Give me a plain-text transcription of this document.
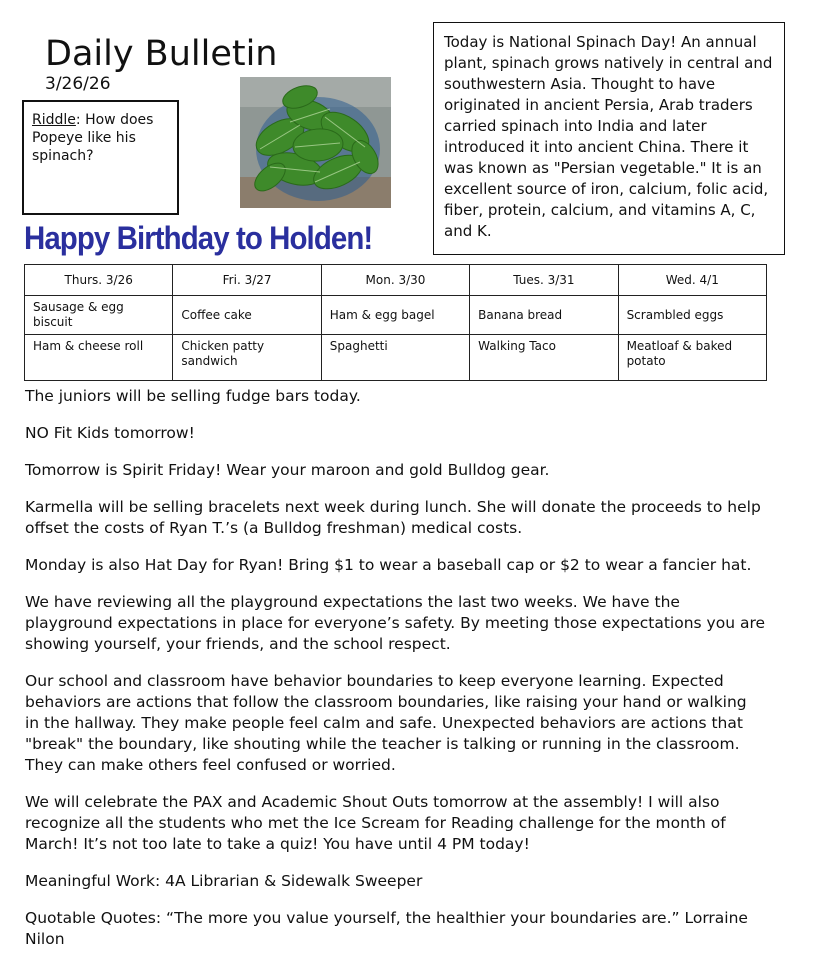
Daily Bulletin
3/26/26
Riddle: How does Popeye like his spinach?
Today is National Spinach Day! An annual plant, spinach grows natively in central and southwestern Asia. Thought to have originated in ancient Persia, Arab traders carried spinach into India and later introduced it into ancient China. There it was known as "Persian vegetable." It is an excellent source of iron, calcium, folic acid, fiber, protein, calcium, and vitamins A, C, and K.
Happy Birthday to Holden!
Thurs. 3/26	Fri. 3/27	Mon. 3/30	Tues. 3/31	Wed. 4/1
Sausage & egg biscuit	Coffee cake	Ham & egg bagel	Banana bread	Scrambled eggs
Ham & cheese roll	Chicken patty sandwich	Spaghetti	Walking Taco	Meatloaf & baked potato

The juniors will be selling fudge bars today.

NO Fit Kids tomorrow!

Tomorrow is Spirit Friday! Wear your maroon and gold Bulldog gear.

Karmella will be selling bracelets next week during lunch. She will donate the proceeds to help offset the costs of Ryan T.’s (a Bulldog freshman) medical costs.

Monday is also Hat Day for Ryan! Bring $1 to wear a baseball cap or $2 to wear a fancier hat.

We have reviewing all the playground expectations the last two weeks. We have the playground expectations in place for everyone’s safety. By meeting those expectations you are showing yourself, your friends, and the school respect.

Our school and classroom have behavior boundaries to keep everyone learning. Expected behaviors are actions that follow the classroom boundaries, like raising your hand or walking in the hallway. They make people feel calm and safe. Unexpected behaviors are actions that "break" the boundary, like shouting while the teacher is talking or running in the classroom. They can make others feel confused or worried.

We will celebrate the PAX and Academic Shout Outs tomorrow at the assembly! I will also recognize all the students who met the Ice Scream for Reading challenge for the month of March! It’s not too late to take a quiz! You have until 4 PM today!

Meaningful Work: 4A Librarian & Sidewalk Sweeper

Quotable Quotes: “The more you value yourself, the healthier your boundaries are.” Lorraine Nilon
